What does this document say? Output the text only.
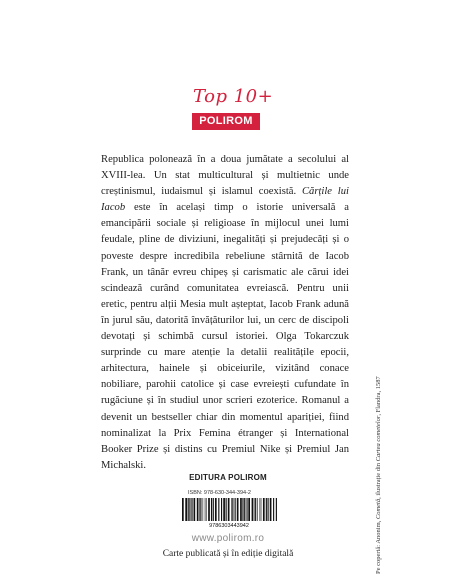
Top 10+
POLIROM

Republica polonează în a doua jumătate a secolului al XVIII-lea. Un stat multicultural și multietnic unde creștinismul, iudaismul și islamul coexistă. Cărțile lui Iacob este în același timp o istorie universală a emancipării sociale și religioase în mijlocul unei lumi feudale, pline de diviziuni, inegalități și prejudecăți și o poveste despre incredibila rebeliune stârnită de Iacob Frank, un tânăr evreu chipeș și carismatic ale cărui idei scindează curând comunitatea evreiască. Pentru unii eretic, pentru alții Mesia mult așteptat, Iacob Frank adună în jurul său, datorită învățăturilor lui, un cerc de discipoli devotați și schimbă cursul istoriei. Olga Tokarczuk surprinde cu mare atenție la detalii realitățile epocii, arhitectura, hainele și obiceiurile, vizitând conace nobiliare, parohii catolice și case evreiești cufundate în rugăciune și în studiul unor scrieri ezoterice. Romanul a devenit un bestseller chiar din momentul apariției, fiind nominalizat la Prix Femina étranger și International Booker Prize și distins cu Premiul Nike și Premiul Jan Michalski.

EDITURA POLIROM
ISBN: 978-630-344-394-2
9786303443942
www.polirom.ro
Carte publicată și în ediție digitală	Pe copertă: Anonim, Cometă, ilustrație din Cartea cometelor, Flandra, 1587
